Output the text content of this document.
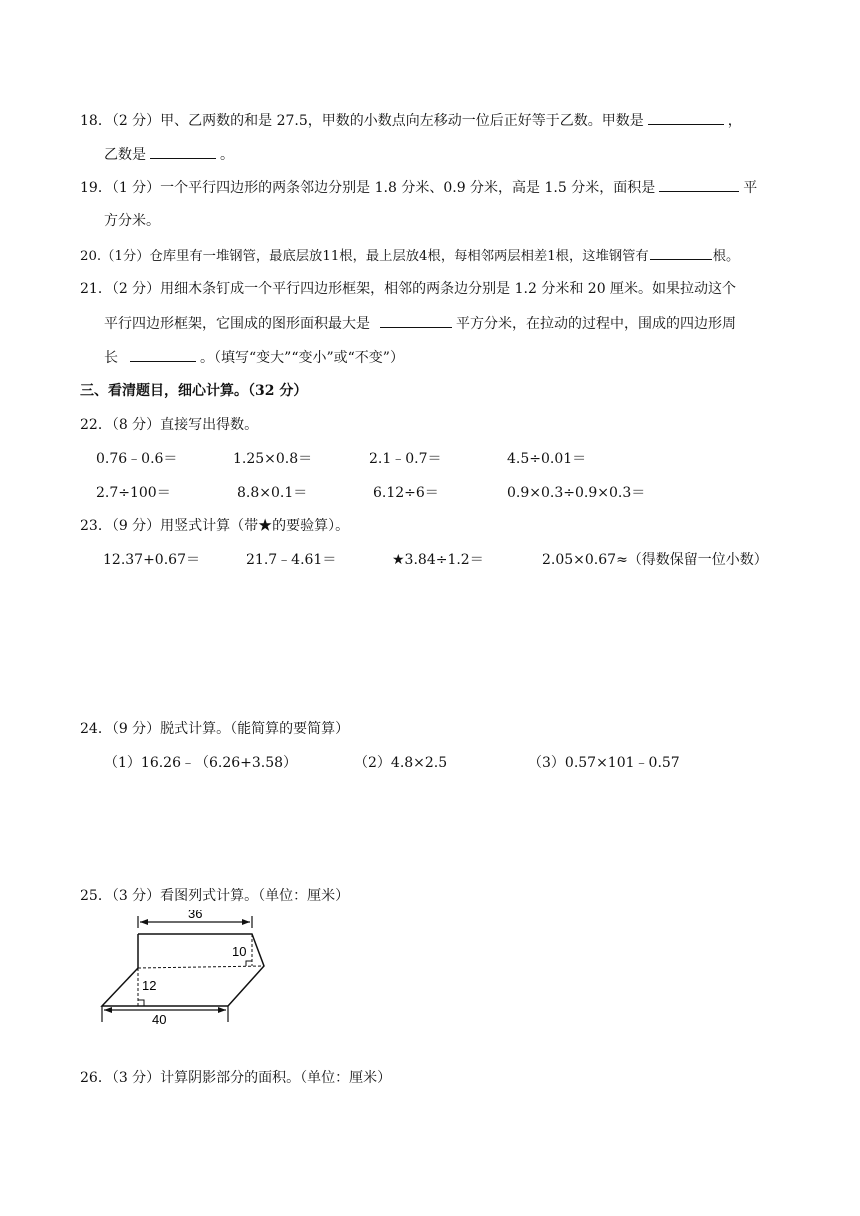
18．（2 分）甲、乙两数的和是 27.5，甲数的小数点向左移动一位后正好等于乙数。甲数是	，
乙数是	。
19．（1 分）一个平行四边形的两条邻边分别是 1.8 分米、0.9 分米，高是 1.5 分米，面积是	平
方分米。
20.（1分）仓库里有一堆钢管，最底层放11根，最上层放4根，每相邻两层相差1根，这堆钢管有	根。
21．（2 分）用细木条钉成一个平行四边形框架，相邻的两条边分别是 1.2 分米和 20 厘米。如果拉动这个
平行四边形框架，它围成的图形面积最大是	平方分米，在拉动的过程中，围成的四边形周
长	。（填写“变大”“变小”或“不变”）
三、看清题目，细心计算。（32 分）
22．（8 分）直接写出得数。
0.76﹣0.6＝	1.25×0.8＝	2.1﹣0.7＝	4.5÷0.01＝
2.7÷100＝	8.8×0.1＝	6.12÷6＝	0.9×0.3÷0.9×0.3＝
23．（9 分）用竖式计算（带★的要验算）。
12.37+0.67＝	21.7﹣4.61＝	★3.84÷1.2＝	2.05×0.67≈（得数保留一位小数）
24．（9 分）脱式计算。（能简算的要简算）
（1）16.26﹣（6.26+3.58）	（2）4.8×2.5	（3）0.57×101﹣0.57
25．（3 分）看图列式计算。（单位：厘米）
36
10
12
40
26．（3 分）计算阴影部分的面积。（单位：厘米）
